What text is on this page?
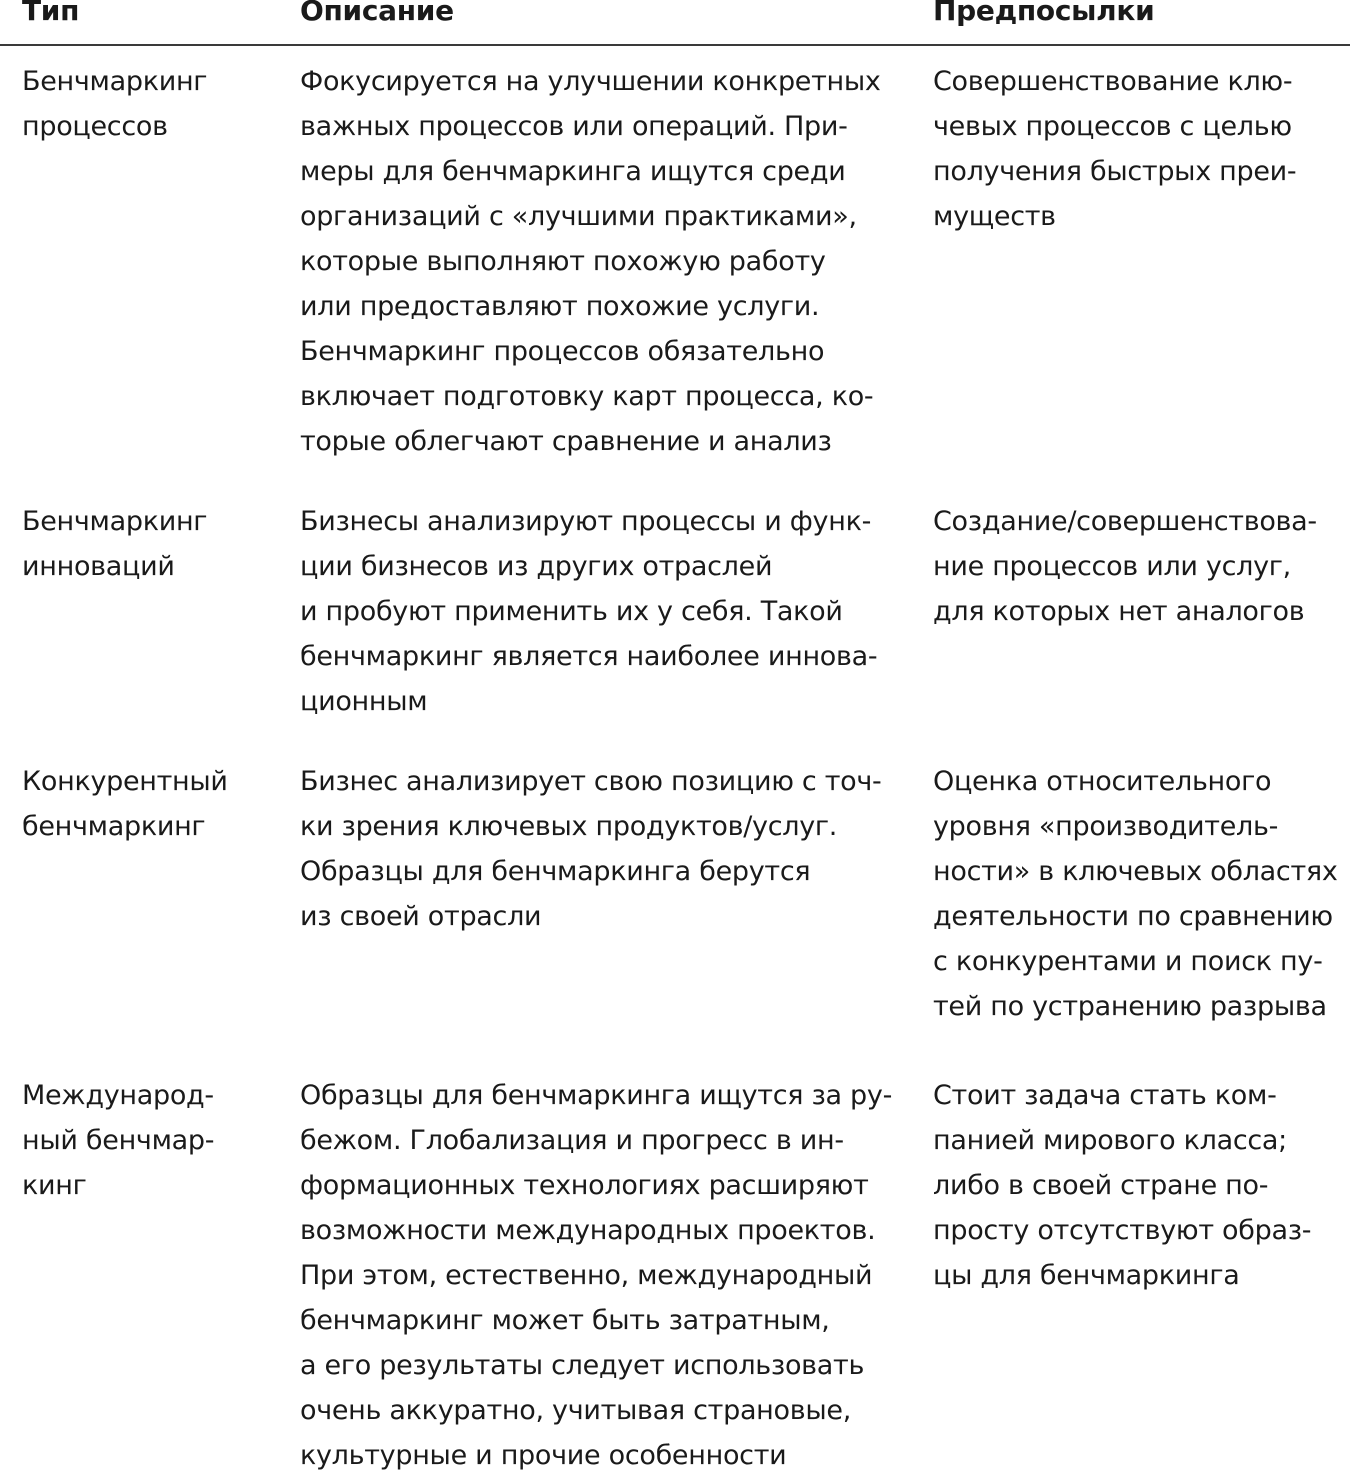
Тип	Описание	Предпосылки
Бенчмаркинг
процессов
Фокусируется на улучшении конкретных
важных процессов или операций. При-
меры для бенчмаркинга ищутся среди
организаций с «лучшими практиками»,
которые выполняют похожую работу
или предоставляют похожие услуги.
Бенчмаркинг процессов обязательно
включает подготовку карт процесса, ко-
торые облегчают сравнение и анализ
Совершенствование клю-
чевых процессов с целью
получения быстрых преи-
муществ
Бенчмаркинг
инноваций
Бизнесы анализируют процессы и функ-
ции бизнесов из других отраслей
и пробуют применить их у себя. Такой
бенчмаркинг является наиболее иннова-
ционным
Создание/совершенствова-
ние процессов или услуг,
для которых нет аналогов
Конкурентный
бенчмаркинг
Бизнес анализирует свою позицию с точ-
ки зрения ключевых продуктов/услуг.
Образцы для бенчмаркинга берутся
из своей отрасли
Оценка относительного
уровня «производитель-
ности» в ключевых областях
деятельности по сравнению
с конкурентами и поиск пу-
тей по устранению разрыва
Международ-
ный бенчмар-
кинг
Образцы для бенчмаркинга ищутся за ру-
бежом. Глобализация и прогресс в ин-
формационных технологиях расширяют
возможности международных проектов.
При этом, естественно, международный
бенчмаркинг может быть затратным,
а его результаты следует использовать
очень аккуратно, учитывая страновые,
культурные и прочие особенности
Стоит задача стать ком-
панией мирового класса;
либо в своей стране по-
просту отсутствуют образ-
цы для бенчмаркинга
